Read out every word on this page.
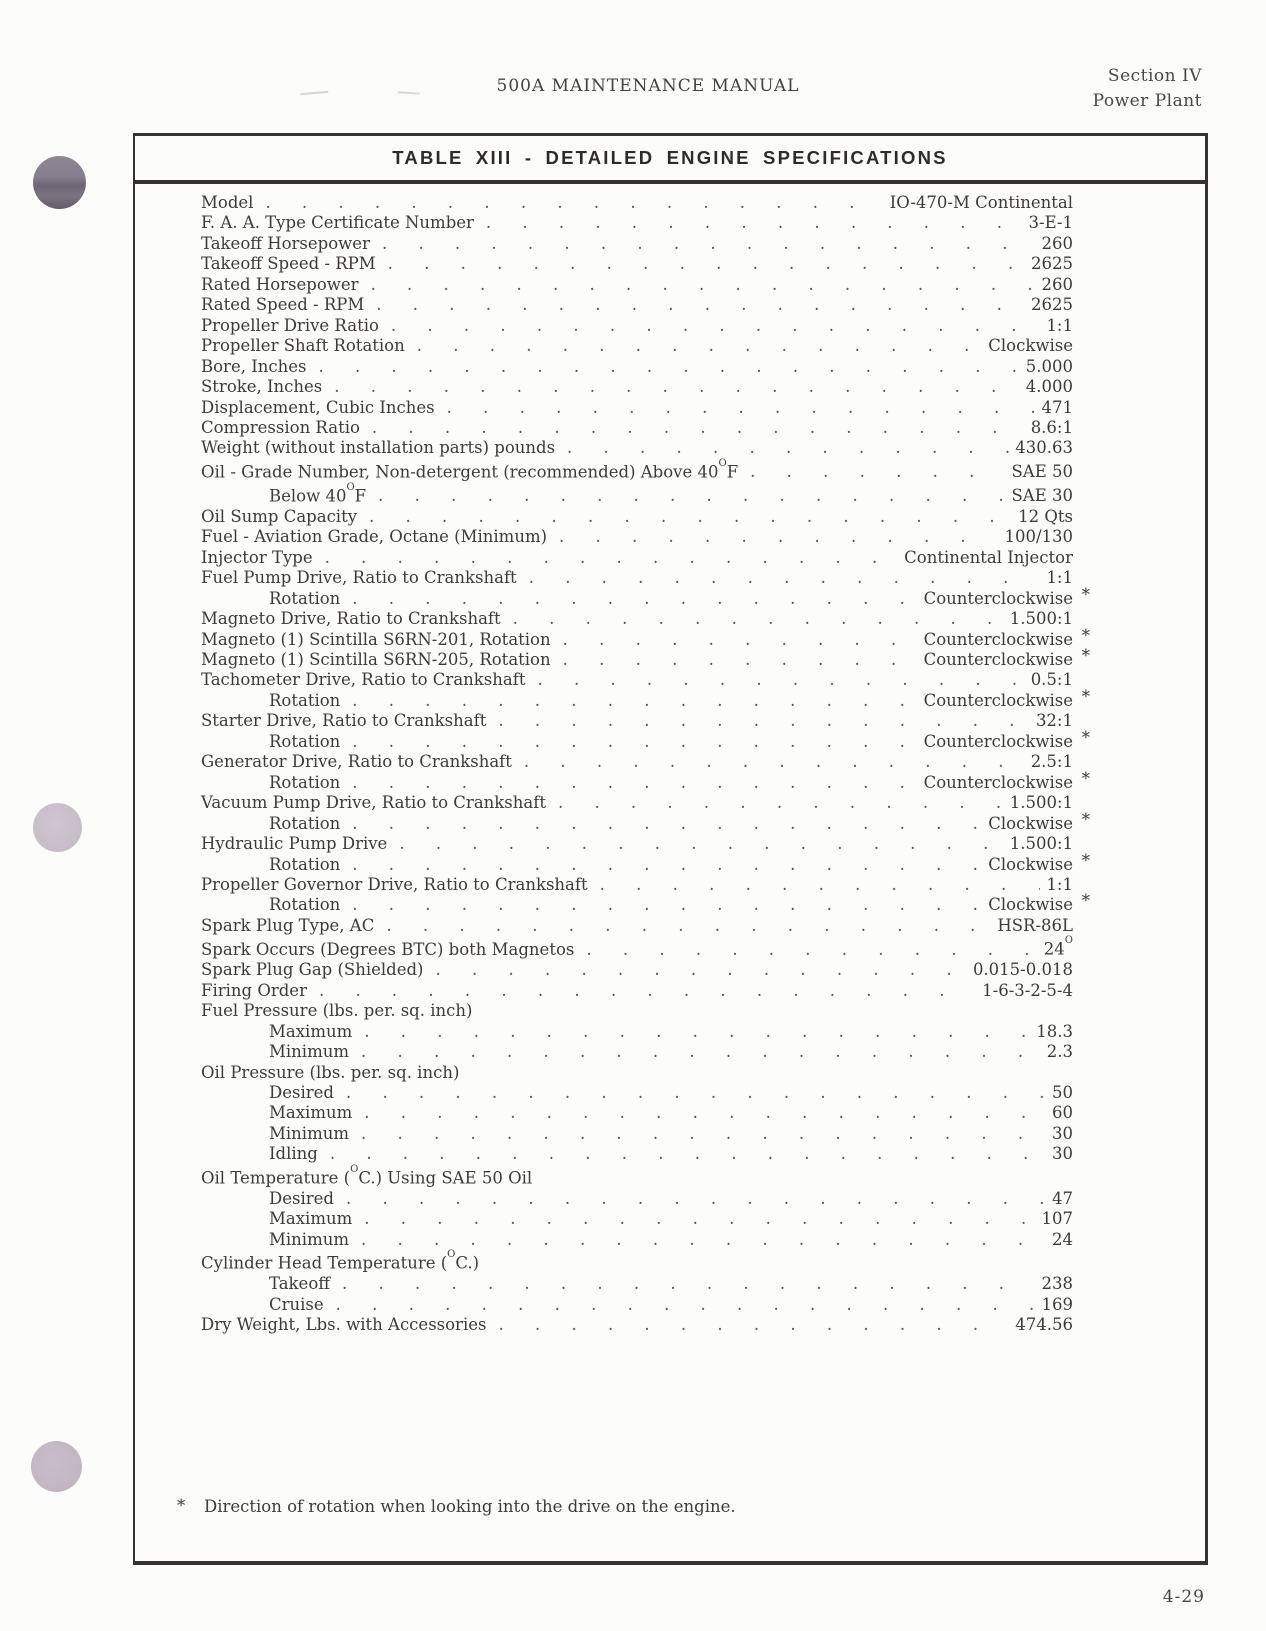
500A MAINTENANCE MANUAL	Section IV
Power Plant
TABLE XIII - DETAILED ENGINE SPECIFICATIONS
Model . . .	IO-470-M Continental
F. A. A. Type Certificate Number . . .	3-E-1
Takeoff Horsepower . . .	260
Takeoff Speed - RPM . . .	2625
Rated Horsepower . . .	260
Rated Speed - RPM . . .	2625
Propeller Drive Ratio . . .	1:1
Propeller Shaft Rotation . . .	Clockwise
Bore, Inches . . .	5.000
Stroke, Inches . . .	4.000
Displacement, Cubic Inches . . .	471
Compression Ratio . . .	8.6:1
Weight (without installation parts) pounds . . .	430.63
Oil - Grade Number, Non-detergent (recommended) Above $40^OF$ . . .	SAE 50
Below $40^OF$ . . .	SAE 30
Oil Sump Capacity . . .	12 Qts
Fuel - Aviation Grade, Octane (Minimum) . . .	100/130
Injector Type . . .	Continental Injector
Fuel Pump Drive, Ratio to Crankshaft . . .	1:1
Rotation . . .	Counterclockwise *
Magneto Drive, Ratio to Crankshaft . . .	1.500:1
Magneto (1) Scintilla S6RN-201, Rotation . . .	Counterclockwise *
Magneto (1) Scintilla S6RN-205, Rotation . . .	Counterclockwise *
Tachometer Drive, Ratio to Crankshaft . . .	0.5:1
Rotation . . .	Counterclockwise *
Starter Drive, Ratio to Crankshaft . . .	32:1
Rotation . . .	Counterclockwise *
Generator Drive, Ratio to Crankshaft . . .	2.5:1
Rotation . . .	Counterclockwise *
Vacuum Pump Drive, Ratio to Crankshaft . . .	1.500:1
Rotation . . .	Clockwise *
Hydraulic Pump Drive . . .	1.500:1
Rotation . . .	Clockwise *
Propeller Governor Drive, Ratio to Crankshaft . . .	1:1
Rotation . . .	Clockwise *
Spark Plug Type, AC . . .	HSR-86L
Spark Occurs (Degrees BTC) both Magnetos . . .	$24^O$
Spark Plug Gap (Shielded) . . .	0.015-0.018
Firing Order . . .	1-6-3-2-5-4
Fuel Pressure (lbs. per. sq. inch)
Maximum . . .	18.3
Minimum . . .	2.3
Oil Pressure (lbs. per. sq. inch)
Desired . . .	50
Maximum . . .	60
Minimum . . .	30
Idling . . .	30
Oil Temperature ($^O$C.) Using SAE 50 Oil
Desired . . .	47
Maximum . . .	107
Minimum . . .	24
Cylinder Head Temperature ($^O$C.)
Takeoff . . .	238
Cruise . . .	169
Dry Weight, Lbs. with Accessories . . .	474.56
*	Direction of rotation when looking into the drive on the engine.
4-29
